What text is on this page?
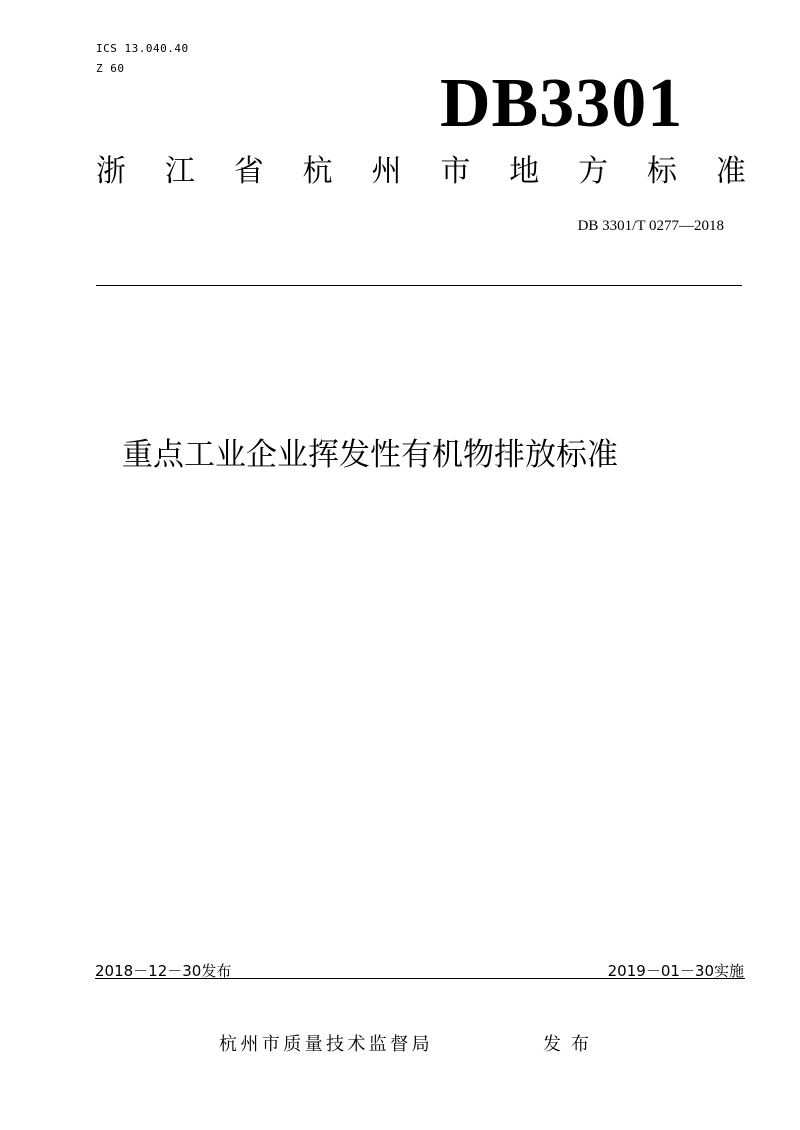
ICS 13.040.40
Z 60	DB3301
浙 江 省 杭 州 市 地 方 标 准
DB 3301/T 0277—2018
重点工业企业挥发性有机物排放标准
2018－12－30发布	2019－01－30实施
杭州市质量技术监督局	发布
